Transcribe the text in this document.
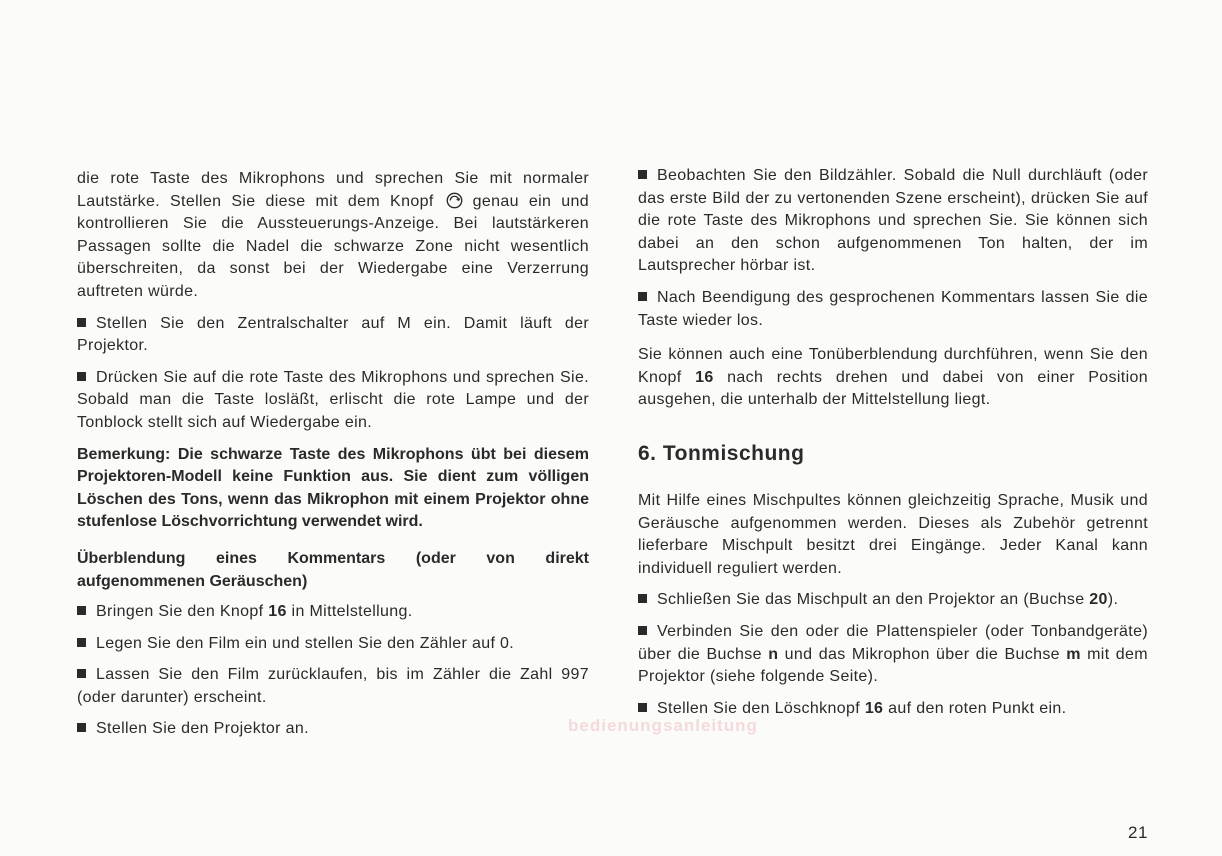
die rote Taste des Mikrophons und sprechen Sie mit normaler Lautstärke. Stellen Sie diese mit dem Knopf  genau ein und kontrollieren Sie die Aussteuerungs-Anzeige. Bei lautstärkeren Passagen sollte die Nadel die schwarze Zone nicht wesentlich überschreiten, da sonst bei der Wiedergabe eine Verzerrung auftreten würde.

Stellen Sie den Zentralschalter auf M ein. Damit läuft der Projektor.

Drücken Sie auf die rote Taste des Mikrophons und sprechen Sie. Sobald man die Taste losläßt, erlischt die rote Lampe und der Tonblock stellt sich auf Wiedergabe ein.

Bemerkung: Die schwarze Taste des Mikrophons übt bei diesem Projektoren-Modell keine Funktion aus. Sie dient zum völligen Löschen des Tons, wenn das Mikrophon mit einem Projektor ohne stufenlose Löschvorrichtung verwendet wird.

Überblendung eines Kommentars (oder von direkt aufgenommenen Geräuschen)

Bringen Sie den Knopf 16 in Mittelstellung.

Legen Sie den Film ein und stellen Sie den Zähler auf 0.

Lassen Sie den Film zurücklaufen, bis im Zähler die Zahl 997 (oder darunter) erscheint.

Stellen Sie den Projektor an.

Beobachten Sie den Bildzähler. Sobald die Null durchläuft (oder das erste Bild der zu vertonenden Szene erscheint), drücken Sie auf die rote Taste des Mikrophons und sprechen Sie. Sie können sich dabei an den schon aufgenommenen Ton halten, der im Lautsprecher hörbar ist.

Nach Beendigung des gesprochenen Kommentars lassen Sie die Taste wieder los.

Sie können auch eine Tonüberblendung durchführen, wenn Sie den Knopf 16 nach rechts drehen und dabei von einer Position ausgehen, die unterhalb der Mittelstellung liegt.

6. Tonmischung

Mit Hilfe eines Mischpultes können gleichzeitig Sprache, Musik und Geräusche aufgenommen werden. Dieses als Zubehör getrennt lieferbare Mischpult besitzt drei Eingänge. Jeder Kanal kann individuell reguliert werden.

Schließen Sie das Mischpult an den Projektor an (Buchse 20).

Verbinden Sie den oder die Plattenspieler (oder Tonbandgeräte) über die Buchse n und das Mikrophon über die Buchse m mit dem Projektor (siehe folgende Seite).

Stellen Sie den Löschknopf 16 auf den roten Punkt ein.

bedienungsanleitung
21
